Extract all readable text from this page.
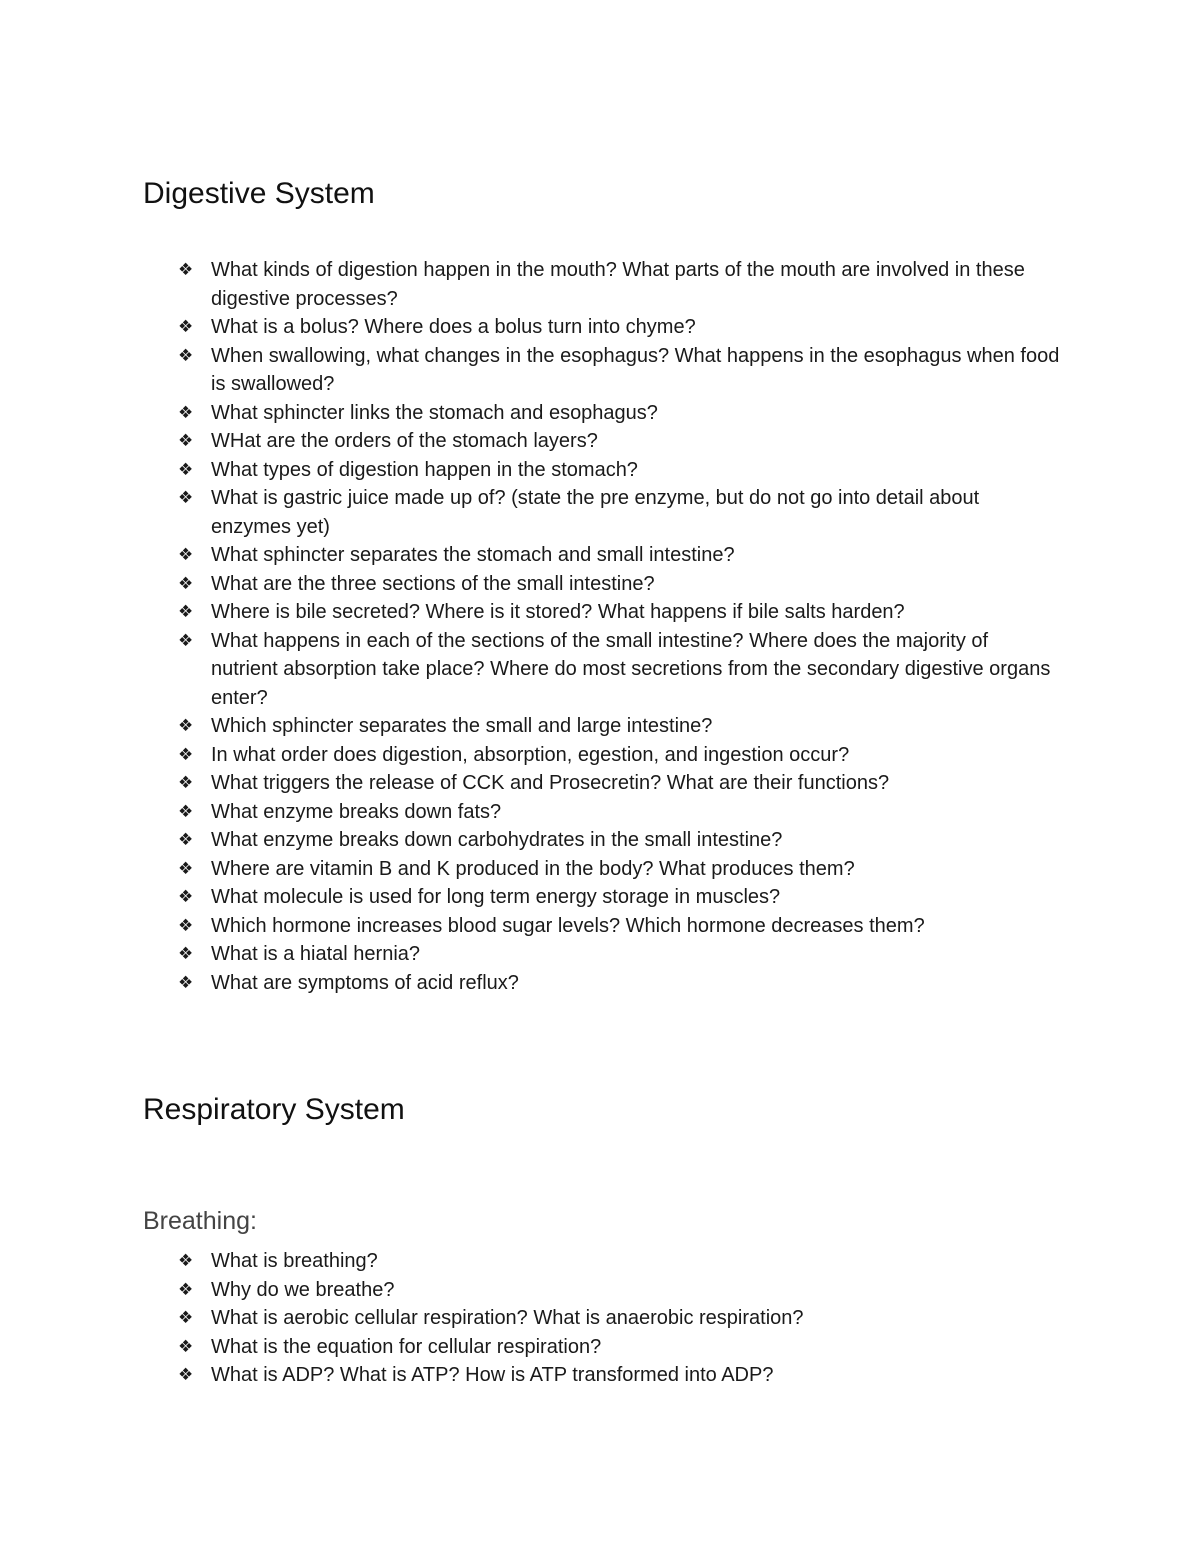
Digestive System
❖ What kinds of digestion happen in the mouth? What parts of the mouth are involved in these digestive processes?
❖ What is a bolus? Where does a bolus turn into chyme?
❖ When swallowing, what changes in the esophagus? What happens in the esophagus when food is swallowed?
❖ What sphincter links the stomach and esophagus?
❖ WHat are the orders of the stomach layers?
❖ What types of digestion happen in the stomach?
❖ What is gastric juice made up of? (state the pre enzyme, but do not go into detail about enzymes yet)
❖ What sphincter separates the stomach and small intestine?
❖ What are the three sections of the small intestine?
❖ Where is bile secreted? Where is it stored? What happens if bile salts harden?
❖ What happens in each of the sections of the small intestine? Where does the majority of nutrient absorption take place? Where do most secretions from the secondary digestive organs enter?
❖ Which sphincter separates the small and large intestine?
❖ In what order does digestion, absorption, egestion, and ingestion occur?
❖ What triggers the release of CCK and Prosecretin? What are their functions?
❖ What enzyme breaks down fats?
❖ What enzyme breaks down carbohydrates in the small intestine?
❖ Where are vitamin B and K produced in the body? What produces them?
❖ What molecule is used for long term energy storage in muscles?
❖ Which hormone increases blood sugar levels? Which hormone decreases them?
❖ What is a hiatal hernia?
❖ What are symptoms of acid reflux?
Respiratory System
Breathing:
❖ What is breathing?
❖ Why do we breathe?
❖ What is aerobic cellular respiration? What is anaerobic respiration?
❖ What is the equation for cellular respiration?
❖ What is ADP? What is ATP? How is ATP transformed into ADP?
